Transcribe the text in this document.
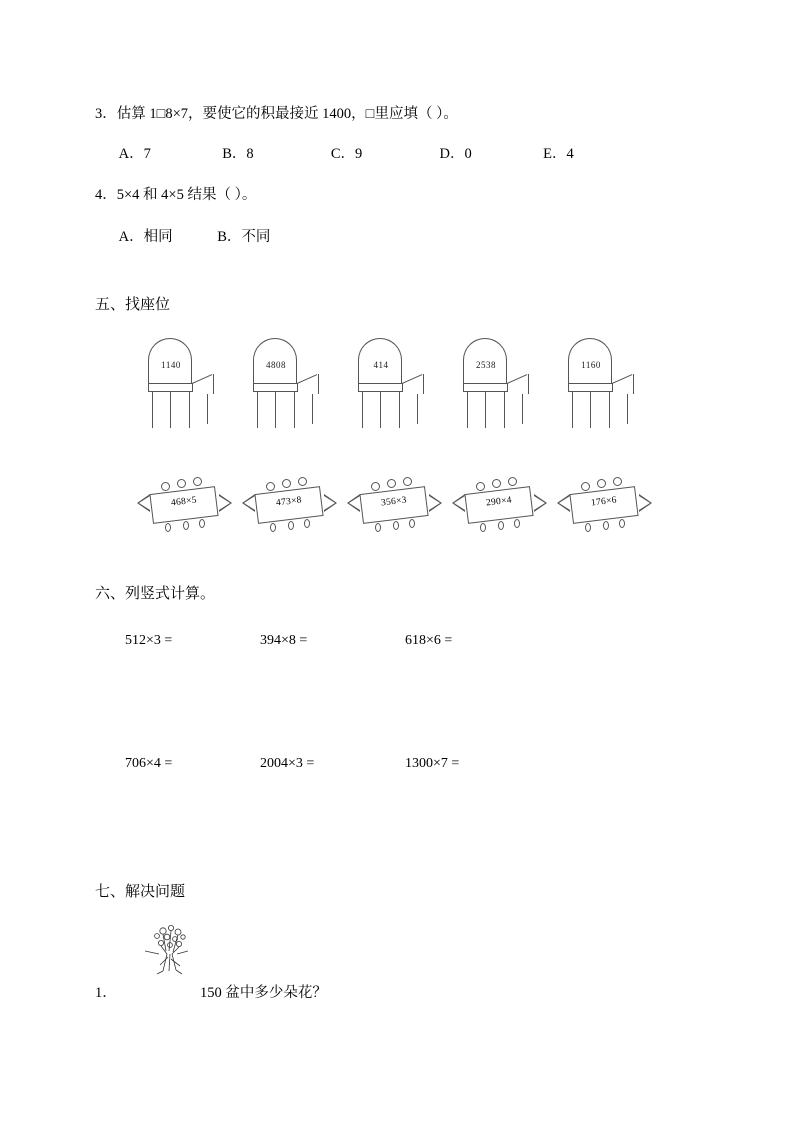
3．估算 1□8×7，要使它的积最接近 1400，□里应填（ ）。
A．7	B．8	C．9	D．0	E．4
4．5×4 和 4×5 结果（ ）。
A．相同	B．不同
五、找座位
1140	4808	414	2538	1160
468×5	473×8	356×3	290×4	176×6
六、列竖式计算。
512×3 =	394×8 =	618×6 =
706×4 =	2004×3 =	1300×7 =
七、解决问题
1．	150 盆中多少朵花？
